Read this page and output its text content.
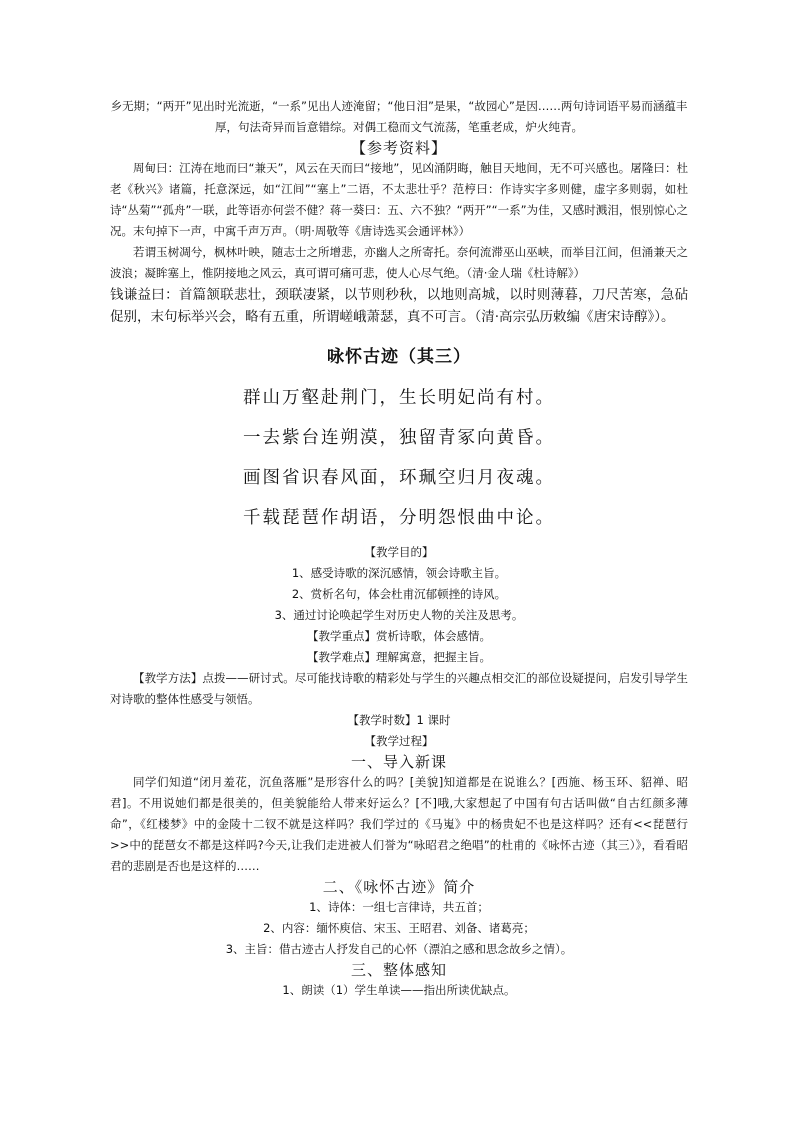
乡无期；“两开”见出时光流逝，“一系”见出人迹淹留；“他日泪”是果，“故园心”是因……两句诗词语平易而涵蕴丰厚，句法奇异而旨意错综。对偶工稳而文气流荡，笔重老成，炉火纯青。

【参考资料】

周甸曰：江涛在地而曰“兼天”，风云在天而曰“接地”，见凶涌阴晦，触目天地间，无不可兴感也。屠隆曰：杜老《秋兴》诸篇，托意深远，如“江间”“塞上”二语，不太悲壮乎？范梈曰：作诗实字多则健，虚字多则弱，如杜诗“丛菊”“孤舟”一联，此等语亦何尝不健？蒋一葵曰：五、六不独？“两开”“一系”为佳，又感时溅泪，恨别惊心之况。末句掉下一声，中寓千声万声。（明·周敬等《唐诗选买会通评林》）

若谓玉树凋兮，枫林叶映，随志士之所增悲，亦幽人之所寄托。奈何流滞巫山巫峡，而举目江间，但涌兼天之波浪；凝眸塞上，惟阴接地之风云，真可谓可痛可悲，使人心尽气绝。（清·金人瑞《杜诗解》）

钱谦益曰：首篇颔联悲壮，颈联凄紧，以节则秒秋，以地则高城，以时则薄暮，刀尺苦寒，急砧促别，末句标举兴会，略有五重，所谓嵯峨萧瑟，真不可言。（清·高宗弘历敕编《唐宋诗醇》）。

咏怀古迹（其三）

群山万壑赴荆门，生长明妃尚有村。

一去紫台连朔漠，独留青冢向黄昏。

画图省识春风面，环珮空归月夜魂。

千载琵琶作胡语，分明怨恨曲中论。

【教学目的】

1、感受诗歌的深沉感情，领会诗歌主旨。

2、赏析名句，体会杜甫沉郁顿挫的诗风。

3、通过讨论唤起学生对历史人物的关注及思考。

【教学重点】赏析诗歌，体会感情。

【教学难点】理解寓意，把握主旨。

【教学方法】点拨——研讨式。尽可能找诗歌的精彩处与学生的兴趣点相交汇的部位设疑提问，启发引导学生对诗歌的整体性感受与领悟。

【教学时数】1 课时

【教学过程】

一、导入新课

同学们知道“闭月羞花，沉鱼落雁”是形容什么的吗？[美貌]知道都是在说谁么？[西施、杨玉环、貂禅、昭君]。不用说她们都是很美的，但美貌能给人带来好运么？[不]哦,大家想起了中国有句古话叫做“自古红颜多薄命”，《红楼梦》中的金陵十二钗不就是这样吗？我们学过的《马嵬》中的杨贵妃不也是这样吗？还有<<琵琶行>>中的琵琶女不都是这样吗?今天,让我们走进被人们誉为“咏昭君之绝唱”的杜甫的《咏怀古迹（其三）》，看看昭君的悲剧是否也是这样的……

二、《咏怀古迹》简介

1、诗体：一组七言律诗，共五首；

2、内容：缅怀庾信、宋玉、王昭君、刘备、诸葛亮；

3、主旨：借古迹古人抒发自己的心怀（漂泊之感和思念故乡之情）。

三、整体感知

1、朗读（1）学生单读——指出所读优缺点。
